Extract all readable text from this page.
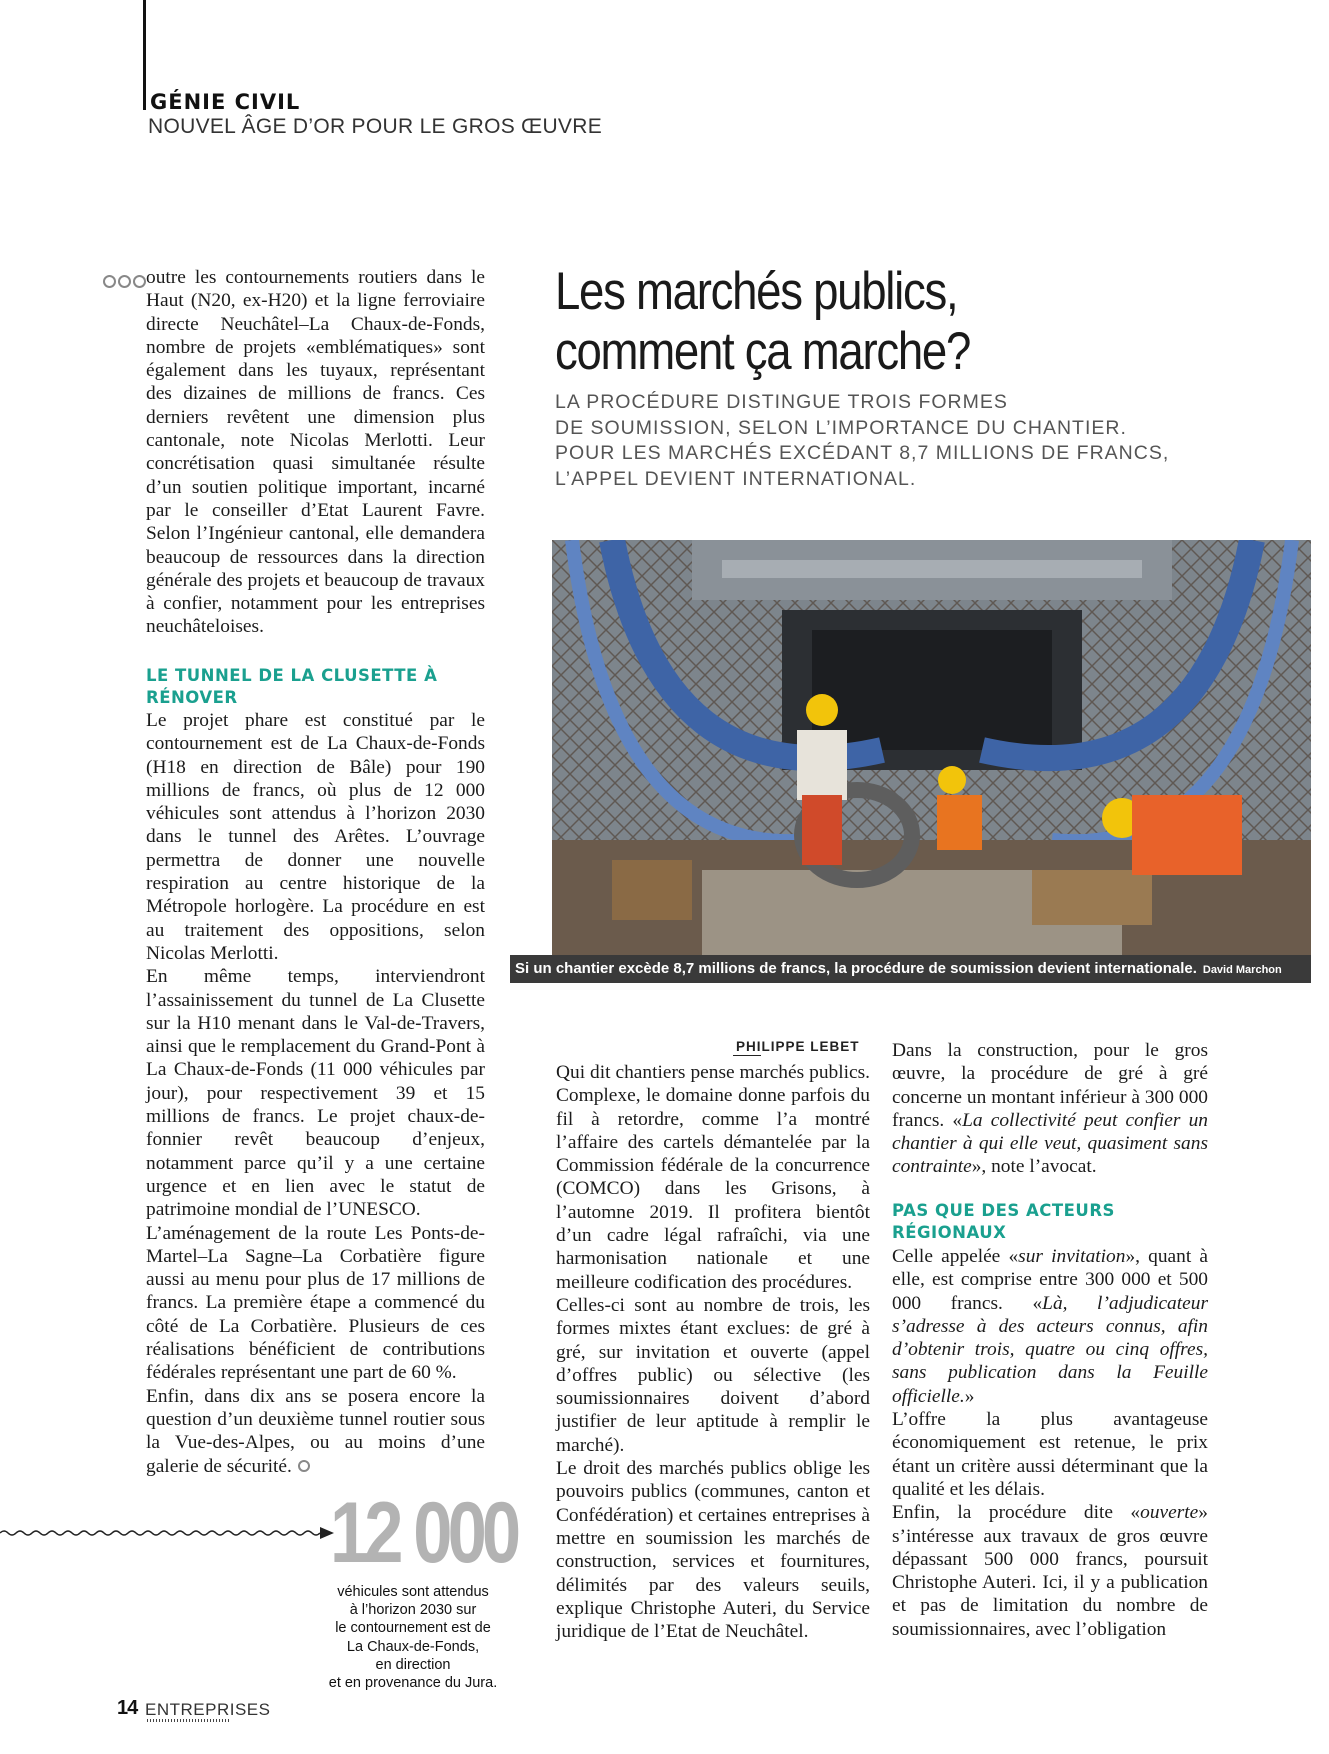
GÉNIE CIVIL
NOUVEL ÂGE D’OR POUR LE GROS ŒUVRE

outre les contournements routiers dans le Haut (N20, ex-H20) et la ligne ferroviaire directe Neuchâtel–La Chaux-de-Fonds, nombre de projets «emblématiques» sont également dans les tuyaux, représentant des dizaines de millions de francs. Ces derniers revêtent une dimension plus cantonale, note Nicolas Merlotti. Leur concrétisation quasi simultanée résulte d’un soutien politique important, incarné par le conseiller d’Etat Laurent Favre. Selon l’Ingénieur cantonal, elle demandera beaucoup de ressources dans la direction générale des projets et beaucoup de travaux à confier, notamment pour les entreprises neuchâteloises.

LE TUNNEL DE LA CLUSETTE À RÉNOVER

Le projet phare est constitué par le contournement est de La Chaux-de-Fonds (H18 en direction de Bâle) pour 190 millions de francs, où plus de 12 000 véhicules sont attendus à l’horizon 2030 dans le tunnel des Arêtes. L’ouvrage permettra de donner une nouvelle respiration au centre historique de la Métropole horlogère. La procédure en est au traitement des oppositions, selon Nicolas Merlotti.

En même temps, interviendront l’assainissement du tunnel de La Clusette sur la H10 menant dans le Val-de-Travers, ainsi que le remplacement du Grand-Pont à La Chaux-de-Fonds (11 000 véhicules par jour), pour respectivement 39 et 15 millions de francs. Le projet chaux-de-fonnier revêt beaucoup d’enjeux, notamment parce qu’il y a une certaine urgence et en lien avec le statut de patrimoine mondial de l’UNESCO.

L’aménagement de la route Les Ponts-de-Martel–La Sagne–La Corbatière figure aussi au menu pour plus de 17 millions de francs. La première étape a commencé du côté de La Corbatière. Plusieurs de ces réalisations bénéficient de contributions fédérales représentant une part de 60 %.

Enfin, dans dix ans se posera encore la question d’un deuxième tunnel routier sous la Vue-des-Alpes, ou au moins d’une galerie de sécurité.

Les marchés publics,
comment ça marche?
LA PROCÉDURE DISTINGUE TROIS FORMES
DE SOUMISSION, SELON L’IMPORTANCE DU CHANTIER.
POUR LES MARCHÉS EXCÉDANT 8,7 MILLIONS DE FRANCS,
L’APPEL DEVIENT INTERNATIONAL.
Si un chantier excède 8,7 millions de francs, la procédure de soumission devient internationale. David Marchon
PHILIPPE LEBET

Qui dit chantiers pense marchés publics. Complexe, le domaine donne parfois du fil à retordre, comme l’a montré l’affaire des cartels démantelée par la Commission fédérale de la concurrence (COMCO) dans les Grisons, à l’automne 2019. Il profitera bientôt d’un cadre légal rafraîchi, via une harmonisation nationale et une meilleure codification des procédures.

Celles-ci sont au nombre de trois, les formes mixtes étant exclues: de gré à gré, sur invitation et ouverte (appel d’offres public) ou sélective (les soumissionnaires doivent d’abord justifier de leur aptitude à remplir le marché).

Le droit des marchés publics oblige les pouvoirs publics (communes, canton et Confédération) et certaines entreprises à mettre en soumission les marchés de construction, services et fournitures, délimités par des valeurs seuils, explique Christophe Auteri, du Service juridique de l’Etat de Neuchâtel.

Dans la construction, pour le gros œuvre, la procédure de gré à gré concerne un montant inférieur à 300 000 francs. «La collectivité peut confier un chantier à qui elle veut, quasiment sans contrainte», note l’avocat.

PAS QUE DES ACTEURS RÉGIONAUX

Celle appelée «sur invitation», quant à elle, est comprise entre 300 000 et 500 000 francs. «Là, l’adjudicateur s’adresse à des acteurs connus, afin d’obtenir trois, quatre ou cinq offres, sans publication dans la Feuille officielle.»

L’offre la plus avantageuse économiquement est retenue, le prix étant un critère aussi déterminant que la qualité et les délais.

Enfin, la procédure dite «ouverte» s’intéresse aux travaux de gros œuvre dépassant 500 000 francs, poursuit Christophe Auteri. Ici, il y a publication et pas de limitation du nombre de soumissionnaires, avec l’obligation

12 000
véhicules sont attendus
à l’horizon 2030 sur
le contournement est de
La Chaux-de-Fonds,
en direction
et en provenance du Jura.
14 ENTREPRISES
